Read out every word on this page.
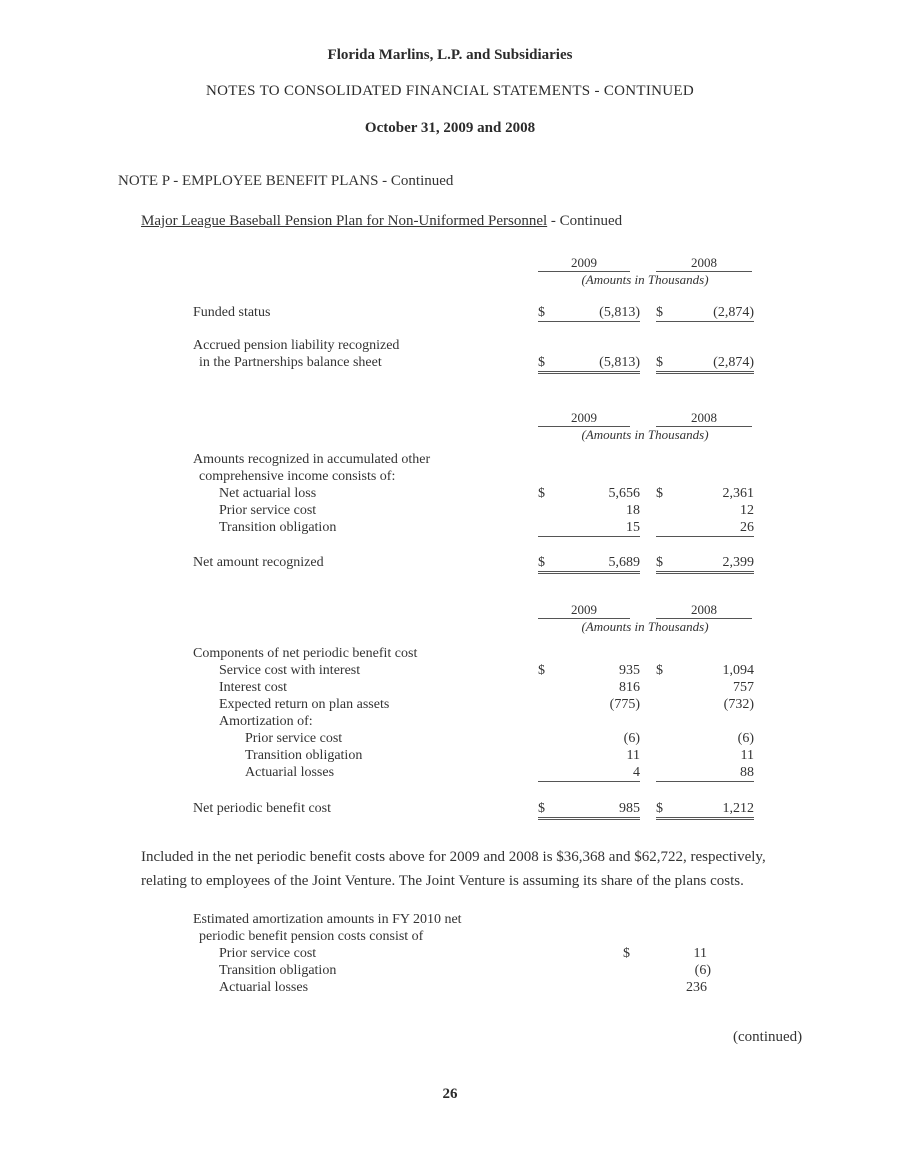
Florida Marlins, L.P. and Subsidiaries
NOTES TO CONSOLIDATED FINANCIAL STATEMENTS - CONTINUED
October 31, 2009 and 2008
NOTE P - EMPLOYEE BENEFIT PLANS - Continued
Major League Baseball Pension Plan for Non-Uniformed Personnel - Continued
2009	2008
(Amounts in Thousands)
Funded status	$	(5,813) $	(2,874)
Accrued pension liability recognized
in the Partnerships balance sheet	$	(5,813) $	(2,874)
2009	2008
(Amounts in Thousands)
Amounts recognized in accumulated other
comprehensive income consists of:
Net actuarial loss	$	5,656 $	2,361
Prior service cost	18	12
Transition obligation	15	26
Net amount recognized	$	5,689 $	2,399
2009	2008
(Amounts in Thousands)
Components of net periodic benefit cost
Service cost with interest	$	935 $	1,094
Interest cost	816	757
Expected return on plan assets	(775)	(732)
Amortization of:
Prior service cost	(6)	(6)
Transition obligation	11	11
Actuarial losses	4	88
Net periodic benefit cost	$	985 $	1,212
Included in the net periodic benefit costs above for 2009 and 2008 is $36,368 and $62,722, respectively,
relating to employees of the Joint Venture. The Joint Venture is assuming its share of the plans costs.
Estimated amortization amounts in FY 2010 net
periodic benefit pension costs consist of
Prior service cost	$	11
Transition obligation	(6)
Actuarial losses	236
(continued)
26
